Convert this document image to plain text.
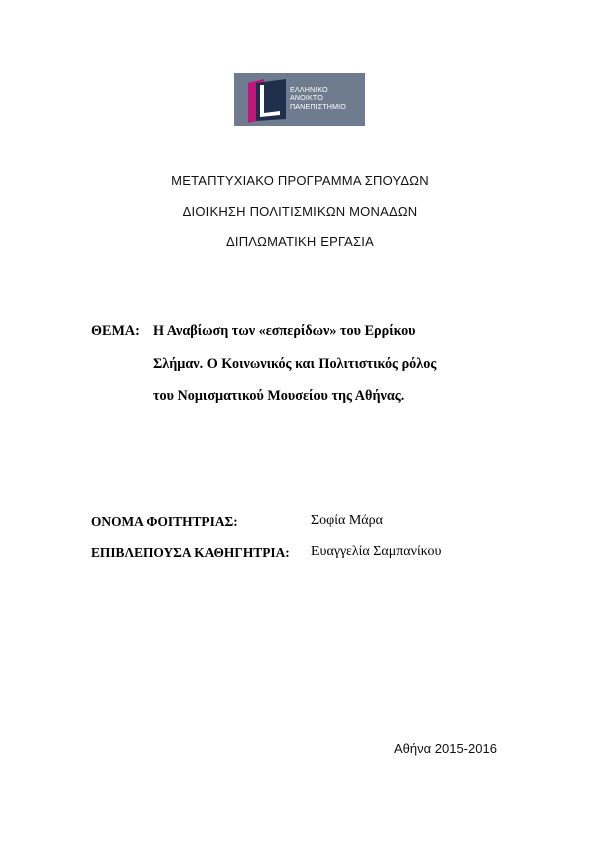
ΕΛΛΗΝΙΚΟ
ΑΝΟΙΚΤΟ
ΠΑΝΕΠΙΣΤΗΜΙΟ
ΜΕΤΑΠΤΥΧΙΑΚΟ ΠΡΟΓΡΑΜΜΑ ΣΠΟΥΔΩΝ
ΔΙΟΙΚΗΣΗ ΠΟΛΙΤΙΣΜΙΚΩΝ ΜΟΝΑΔΩΝ
ΔΙΠΛΩΜΑΤΙΚΗ ΕΡΓΑΣΙΑ
ΘΕΜΑ: Η Αναβίωση των «εσπερίδων» του Ερρίκου
Σλήμαν. Ο Κοινωνικός και Πολιτιστικός ρόλος
του Νομισματικού Μουσείου της Αθήνας.
ΟΝΟΜΑ ΦΟΙΤΗΤΡΙΑΣ:	Σοφία Μάρα
ΕΠΙΒΛΕΠΟΥΣΑ ΚΑΘΗΓΗΤΡΙΑ: Ευαγγελία Σαμπανίκου
Αθήνα 2015-2016
